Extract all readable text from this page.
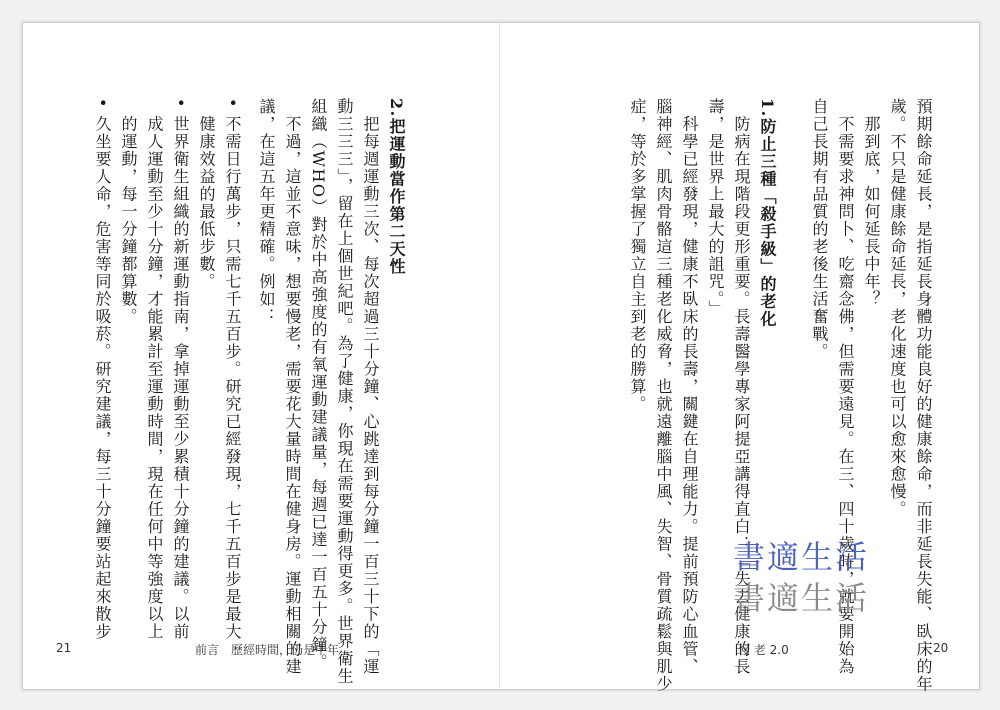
預期餘命延長，是指延長身體功能良好的健康餘命，而非延長失能、臥床的年
歲。不只是健康餘命延長，老化速度也可以愈來愈慢。
　那到底，如何延長中年？
　不需要求神問卜、吃齋念佛，但需要遠見。在三、四十歲時，就要開始為
自己長期有品質的老後生活奮戰。
1.防止三種「殺手級」的老化
　防病在現階段更形重要。長壽醫學專家阿提亞講得直白：「失去健康的長
壽，是世界上最大的詛咒。」
　科學已經發現，健康不臥床的長壽，關鍵在自理能力。提前預防心血管、
腦神經、肌肉骨骼這三種老化威脅，也就遠離腦中風、失智、骨質疏鬆與肌少
症，等於多掌握了獨立自主到老的勝算。
2.把運動當作第二天性
　把每週運動三次、每次超過三十分鐘、心跳達到每分鐘一百三十下的「運
動三三三」，留在上個世紀吧。為了健康，你現在需要運動得更多。世界衛生
組織（WHO）對於中高強度的有氧運動建議量，每週已達一百五十分鐘。
　不過，這並不意味，想要慢老，需要花大量時間在健身房。運動相關的建
議，在這五年更精確。例如：
• 不需日行萬步，只需七千五百步。研究已經發現，七千五百步是最大
　健康效益的最低步數。
• 世界衛生組織的新運動指南，拿掉運動至少累積十分鐘的建議。以前
　成人運動至少十分鐘，才能累計至運動時間，現在任何中等強度以上
　的運動，每一分鐘都算數。
• 久坐要人命，危害等同於吸菸。研究建議，每三十分鐘要站起來散步
21	前言　歷經時間，仍是中年	慢 老 2.0	20
書適生活
書適生活
